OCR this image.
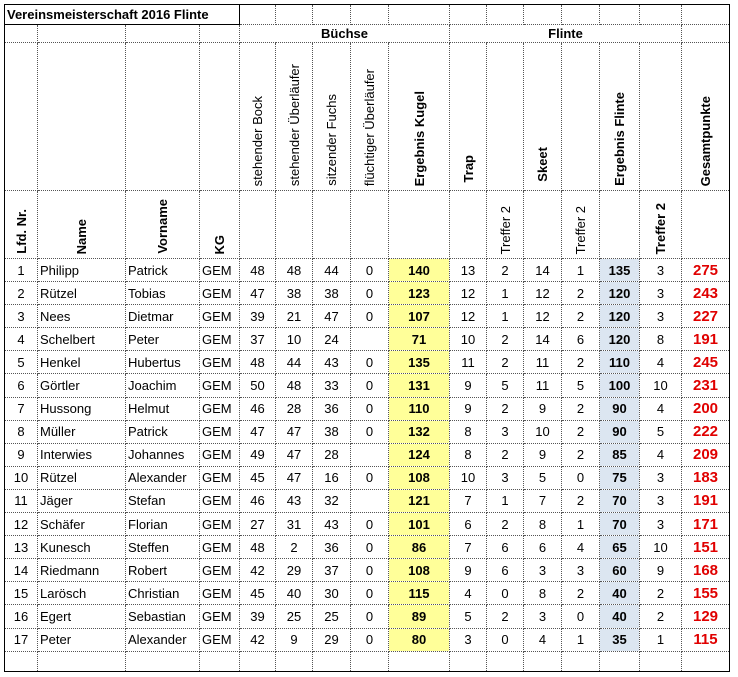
Vereinsmeisterschaft 2016 Flinte															
				Büchse					Flinte						

				stehender Bock	stehender Überläufer	sitzender Fuchs	flüchtiger Überläufer	Ergebnis Kugel	Trap		Skeet		Ergebnis Flinte		Gesamtpunkte

Lfd. Nr.	Name	Vorname	KG							Treffer 2		Treffer 2		Treffer 2	

1	Philipp	Patrick	GEM	48	48	44	0	140	13	2	14	1	135	3	275
2	Rützel	Tobias	GEM	47	38	38	0	123	12	1	12	2	120	3	243
3	Nees	Dietmar	GEM	39	21	47	0	107	12	1	12	2	120	3	227
4	Schelbert	Peter	GEM	37	10	24		71	10	2	14	6	120	8	191
5	Henkel	Hubertus	GEM	48	44	43	0	135	11	2	11	2	110	4	245
6	Görtler	Joachim	GEM	50	48	33	0	131	9	5	11	5	100	10	231
7	Hussong	Helmut	GEM	46	28	36	0	110	9	2	9	2	90	4	200
8	Müller	Patrick	GEM	47	47	38	0	132	8	3	10	2	90	5	222
9	Interwies	Johannes	GEM	49	47	28		124	8	2	9	2	85	4	209
10	Rützel	Alexander	GEM	45	47	16	0	108	10	3	5	0	75	3	183
11	Jäger	Stefan	GEM	46	43	32		121	7	1	7	2	70	3	191
12	Schäfer	Florian	GEM	27	31	43	0	101	6	2	8	1	70	3	171
13	Kunesch	Steffen	GEM	48	2	36	0	86	7	6	6	4	65	10	151
14	Riedmann	Robert	GEM	42	29	37	0	108	9	6	3	3	60	9	168
15	Larösch	Christian	GEM	45	40	30	0	115	4	0	8	2	40	2	155
16	Egert	Sebastian	GEM	39	25	25	0	89	5	2	3	0	40	2	129
17	Peter	Alexander	GEM	42	9	29	0	80	3	0	4	1	35	1	115
